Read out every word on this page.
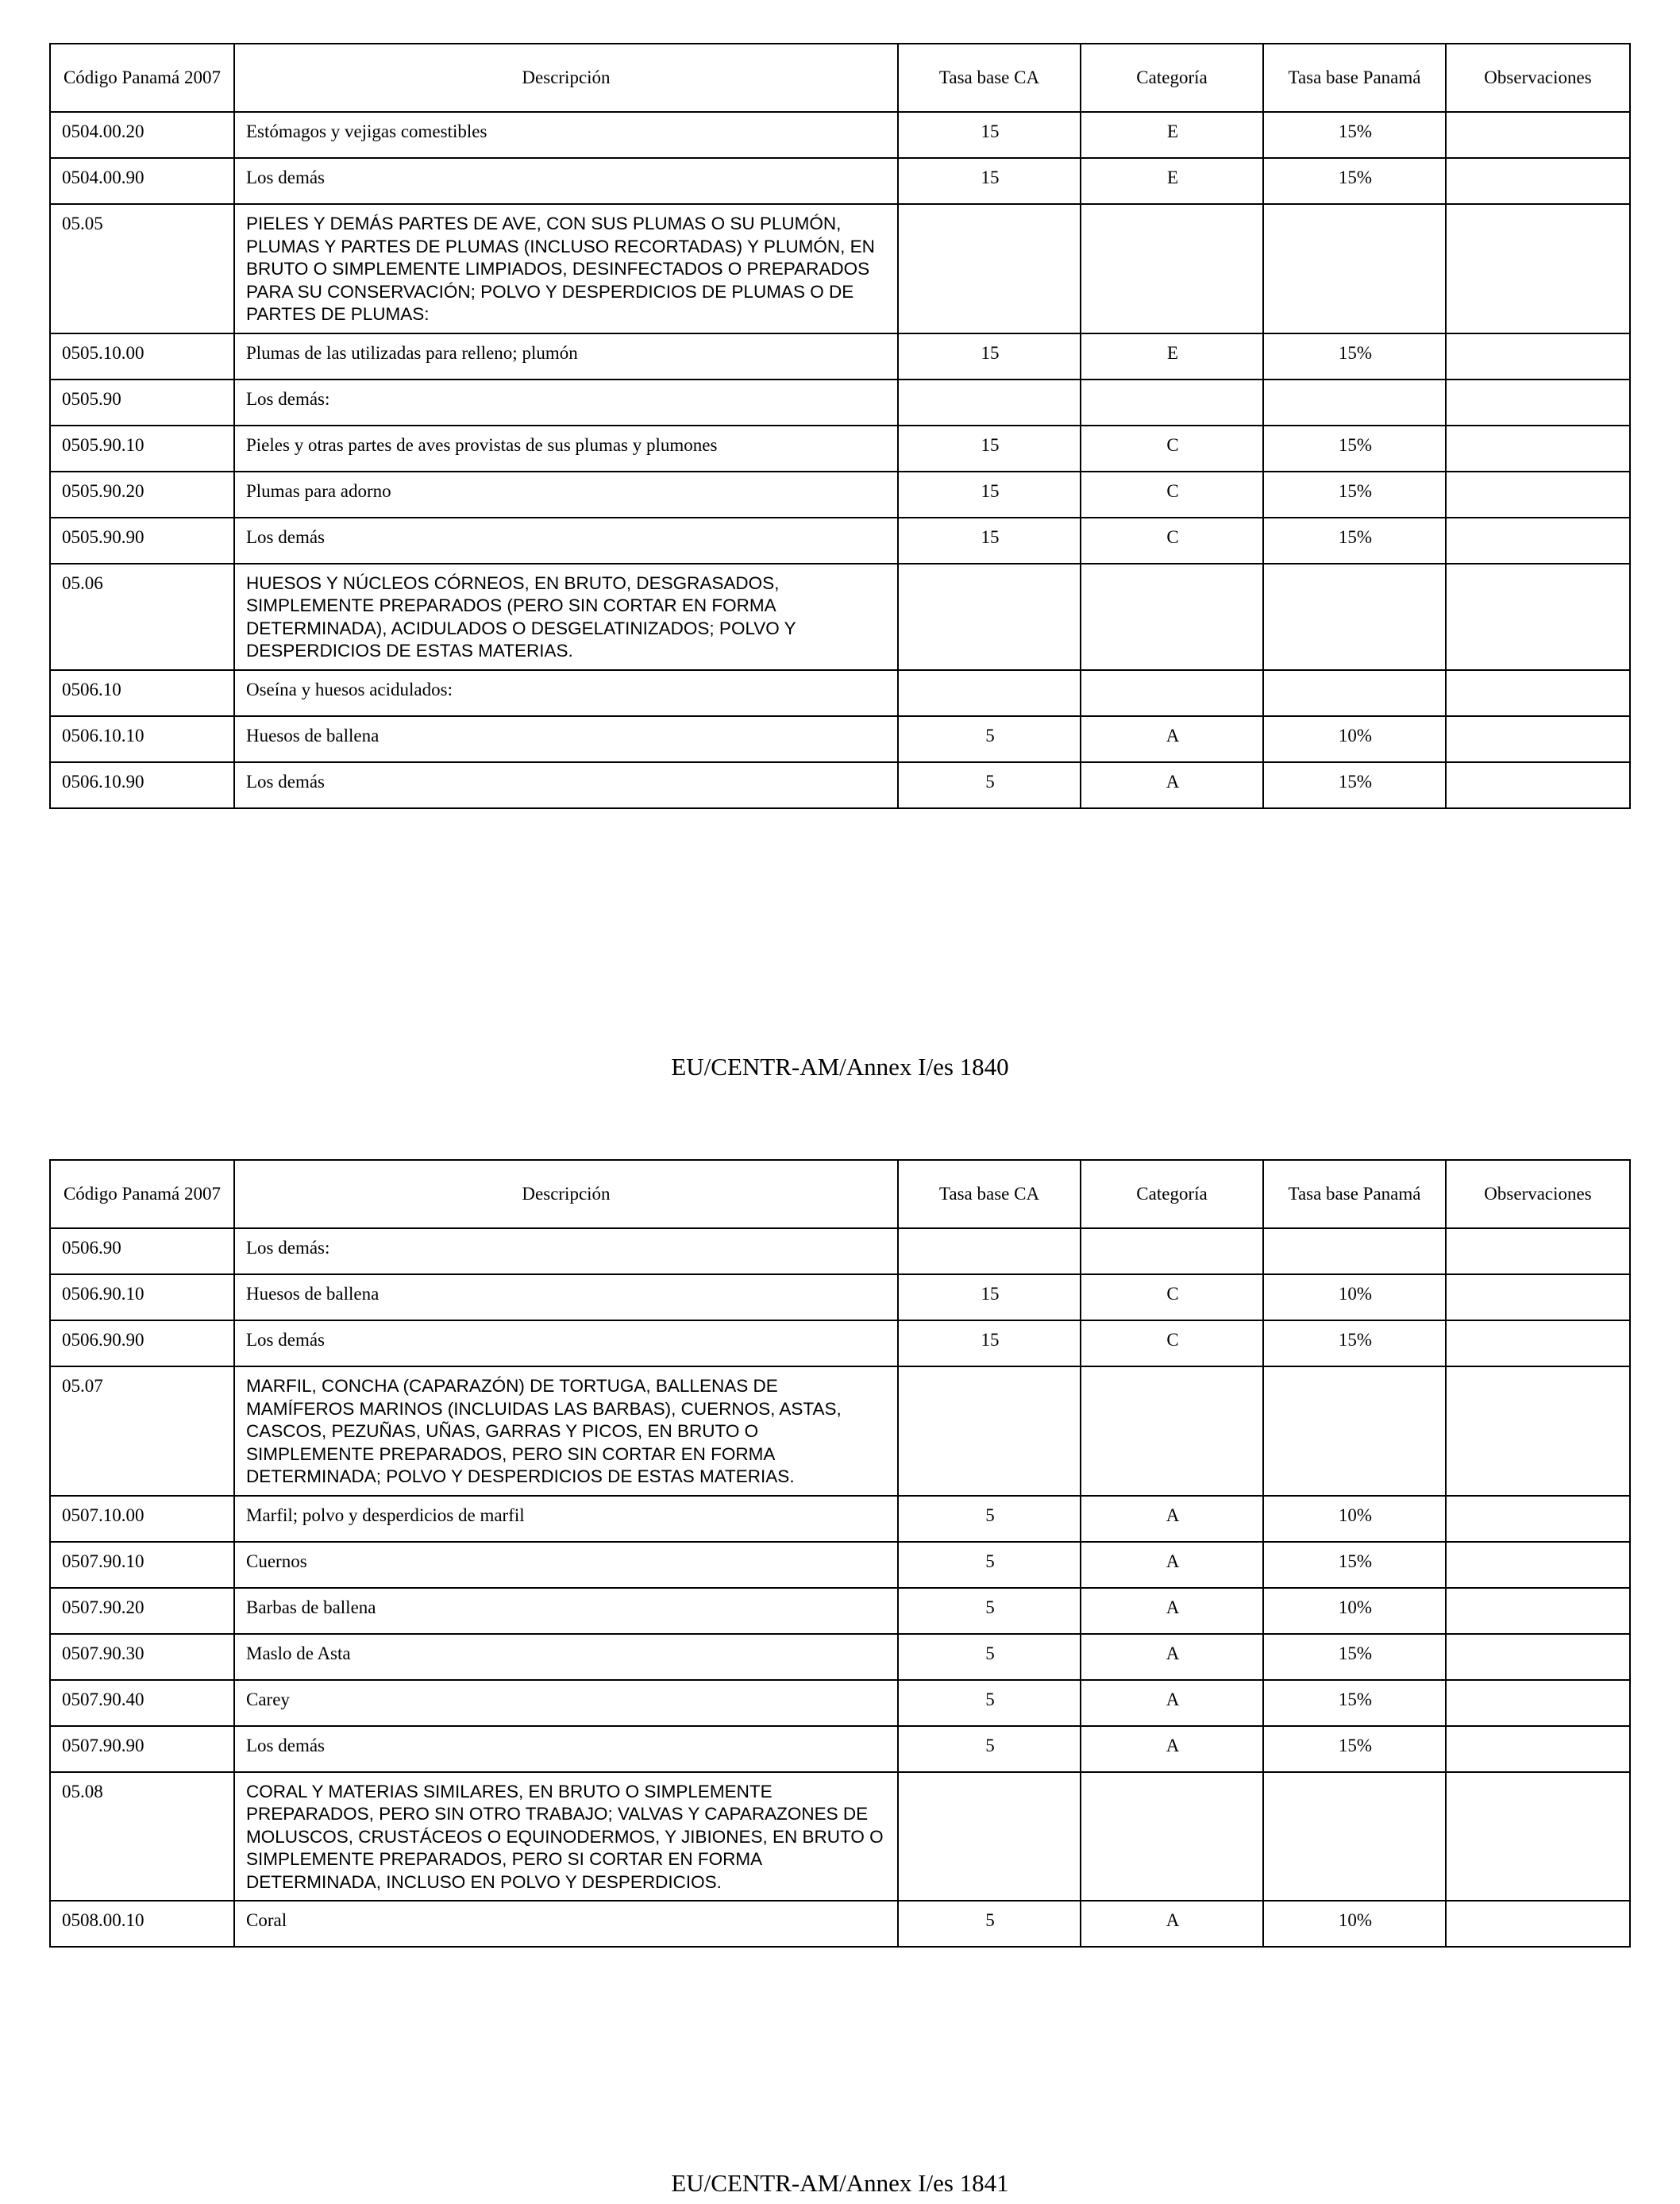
Código Panamá 2007	Descripción	Tasa base CA	Categoría	Tasa base Panamá	Observaciones
0504.00.20	Estómagos y vejigas comestibles	15	E	15%	
0504.00.90	Los demás	15	E	15%	
05.05	PIELES Y DEMÁS PARTES DE AVE, CON SUS PLUMAS O SU PLUMÓN, PLUMAS Y PARTES DE PLUMAS (INCLUSO RECORTADAS) Y PLUMÓN, EN BRUTO O SIMPLEMENTE LIMPIADOS, DESINFECTADOS O PREPARADOS PARA SU CONSERVACIÓN; POLVO Y DESPERDICIOS DE PLUMAS O DE PARTES DE PLUMAS:				
0505.10.00	Plumas de las utilizadas para relleno; plumón	15	E	15%	
0505.90	Los demás:				
0505.90.10	Pieles y otras partes de aves provistas de sus plumas y plumones	15	C	15%	
0505.90.20	Plumas para adorno	15	C	15%	
0505.90.90	Los demás	15	C	15%	
05.06	HUESOS Y NÚCLEOS CÓRNEOS, EN BRUTO, DESGRASADOS, SIMPLEMENTE PREPARADOS (PERO SIN CORTAR EN FORMA DETERMINADA), ACIDULADOS O DESGELATINIZADOS; POLVO Y DESPERDICIOS DE ESTAS MATERIAS.				
0506.10	Oseína y huesos acidulados:				
0506.10.10	Huesos de ballena	5	A	10%	
0506.10.90	Los demás	5	A	15%	
EU/CENTR-AM/Annex I/es 1840
Código Panamá 2007	Descripción	Tasa base CA	Categoría	Tasa base Panamá	Observaciones
0506.90	Los demás:				
0506.90.10	Huesos de ballena	15	C	10%	
0506.90.90	Los demás	15	C	15%	
05.07	MARFIL, CONCHA (CAPARAZÓN) DE TORTUGA, BALLENAS DE MAMÍFEROS MARINOS (INCLUIDAS LAS BARBAS), CUERNOS, ASTAS, CASCOS, PEZUÑAS, UÑAS, GARRAS Y PICOS, EN BRUTO O SIMPLEMENTE PREPARADOS, PERO SIN CORTAR EN FORMA DETERMINADA; POLVO Y DESPERDICIOS DE ESTAS MATERIAS.				
0507.10.00	Marfil; polvo y desperdicios de marfil	5	A	10%	
0507.90.10	Cuernos	5	A	15%	
0507.90.20	Barbas de ballena	5	A	10%	
0507.90.30	Maslo de Asta	5	A	15%	
0507.90.40	Carey	5	A	15%	
0507.90.90	Los demás	5	A	15%	
05.08	CORAL Y MATERIAS SIMILARES, EN BRUTO O SIMPLEMENTE PREPARADOS, PERO SIN OTRO TRABAJO; VALVAS Y CAPARAZONES DE MOLUSCOS, CRUSTÁCEOS O EQUINODERMOS, Y JIBIONES, EN BRUTO O SIMPLEMENTE PREPARADOS, PERO SI CORTAR EN FORMA DETERMINADA, INCLUSO EN POLVO Y DESPERDICIOS.				
0508.00.10	Coral	5	A	10%	
EU/CENTR-AM/Annex I/es 1841
